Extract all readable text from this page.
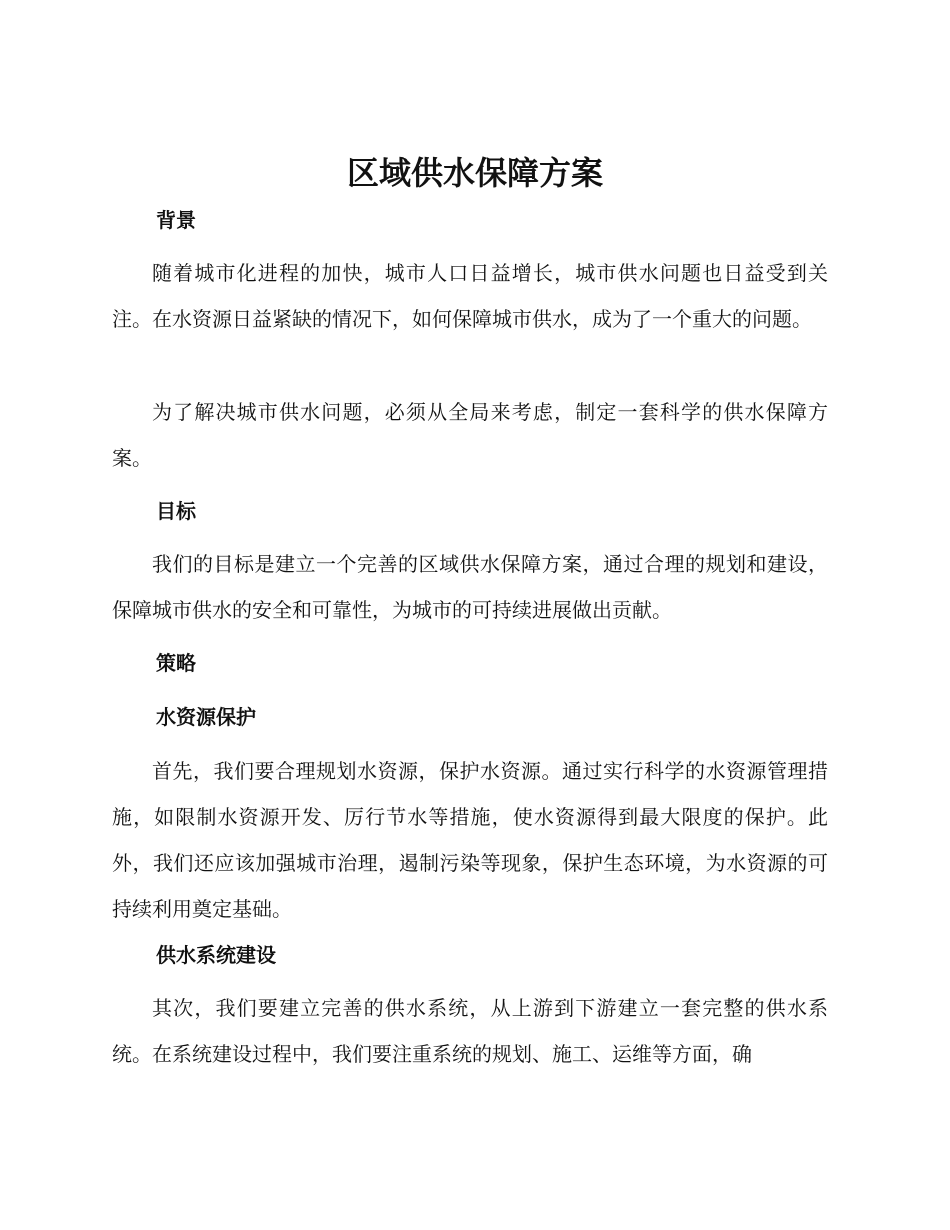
区域供水保障方案
背景

随着城市化进程的加快，城市人口日益增长，城市供水问题也日益受到关注。在水资源日益紧缺的情况下，如何保障城市供水，成为了一个重大的问题。

为了解决城市供水问题，必须从全局来考虑，制定一套科学的供水保障方案。

目标

我们的目标是建立一个完善的区域供水保障方案，通过合理的规划和建设，保障城市供水的安全和可靠性，为城市的可持续进展做出贡献。

策略
水资源保护

首先，我们要合理规划水资源，保护水资源。通过实行科学的水资源管理措施，如限制水资源开发、厉行节水等措施，使水资源得到最大限度的保护。此外，我们还应该加强城市治理，遏制污染等现象，保护生态环境，为水资源的可持续利用奠定基础。

供水系统建设

其次，我们要建立完善的供水系统，从上游到下游建立一套完整的供水系统。在系统建设过程中，我们要注重系统的规划、施工、运维等方面，确
